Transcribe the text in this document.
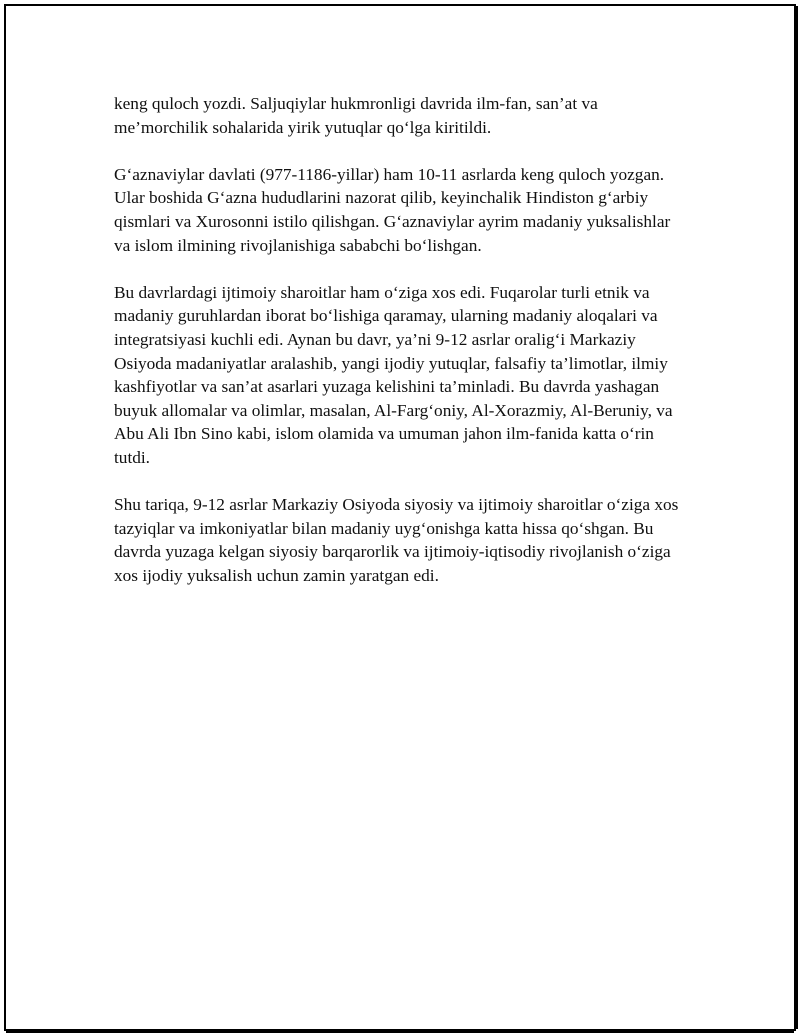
keng quloch yozdi. Saljuqiylar hukmronligi davrida ilm-fan, san’at va me’morchilik sohalarida yirik yutuqlar qo‘lga kiritildi.

G‘aznaviylar davlati (977-1186-yillar) ham 10-11 asrlarda keng quloch yozgan. Ular boshida G‘azna hududlarini nazorat qilib, keyinchalik Hindiston g‘arbiy qismlari va Xurosonni istilo qilishgan. G‘aznaviylar ayrim madaniy yuksalishlar va islom ilmining rivojlanishiga sababchi bo‘lishgan.

Bu davrlardagi ijtimoiy sharoitlar ham o‘ziga xos edi. Fuqarolar turli etnik va madaniy guruhlardan iborat bo‘lishiga qaramay, ularning madaniy aloqalari va integratsiyasi kuchli edi. Aynan bu davr, ya’ni 9-12 asrlar oralig‘i Markaziy Osiyoda madaniyatlar aralashib, yangi ijodiy yutuqlar, falsafiy ta’limotlar, ilmiy kashfiyotlar va san’at asarlari yuzaga kelishini ta’minladi. Bu davrda yashagan buyuk allomalar va olimlar, masalan, Al-Farg‘oniy, Al-Xorazmiy, Al-Beruniy, va Abu Ali Ibn Sino kabi, islom olamida va umuman jahon ilm-fanida katta o‘rin tutdi.

Shu tariqa, 9-12 asrlar Markaziy Osiyoda siyosiy va ijtimoiy sharoitlar o‘ziga xos tazyiqlar va imkoniyatlar bilan madaniy uyg‘onishga katta hissa qo‘shgan. Bu davrda yuzaga kelgan siyosiy barqarorlik va ijtimoiy-iqtisodiy rivojlanish o‘ziga xos ijodiy yuksalish uchun zamin yaratgan edi.
